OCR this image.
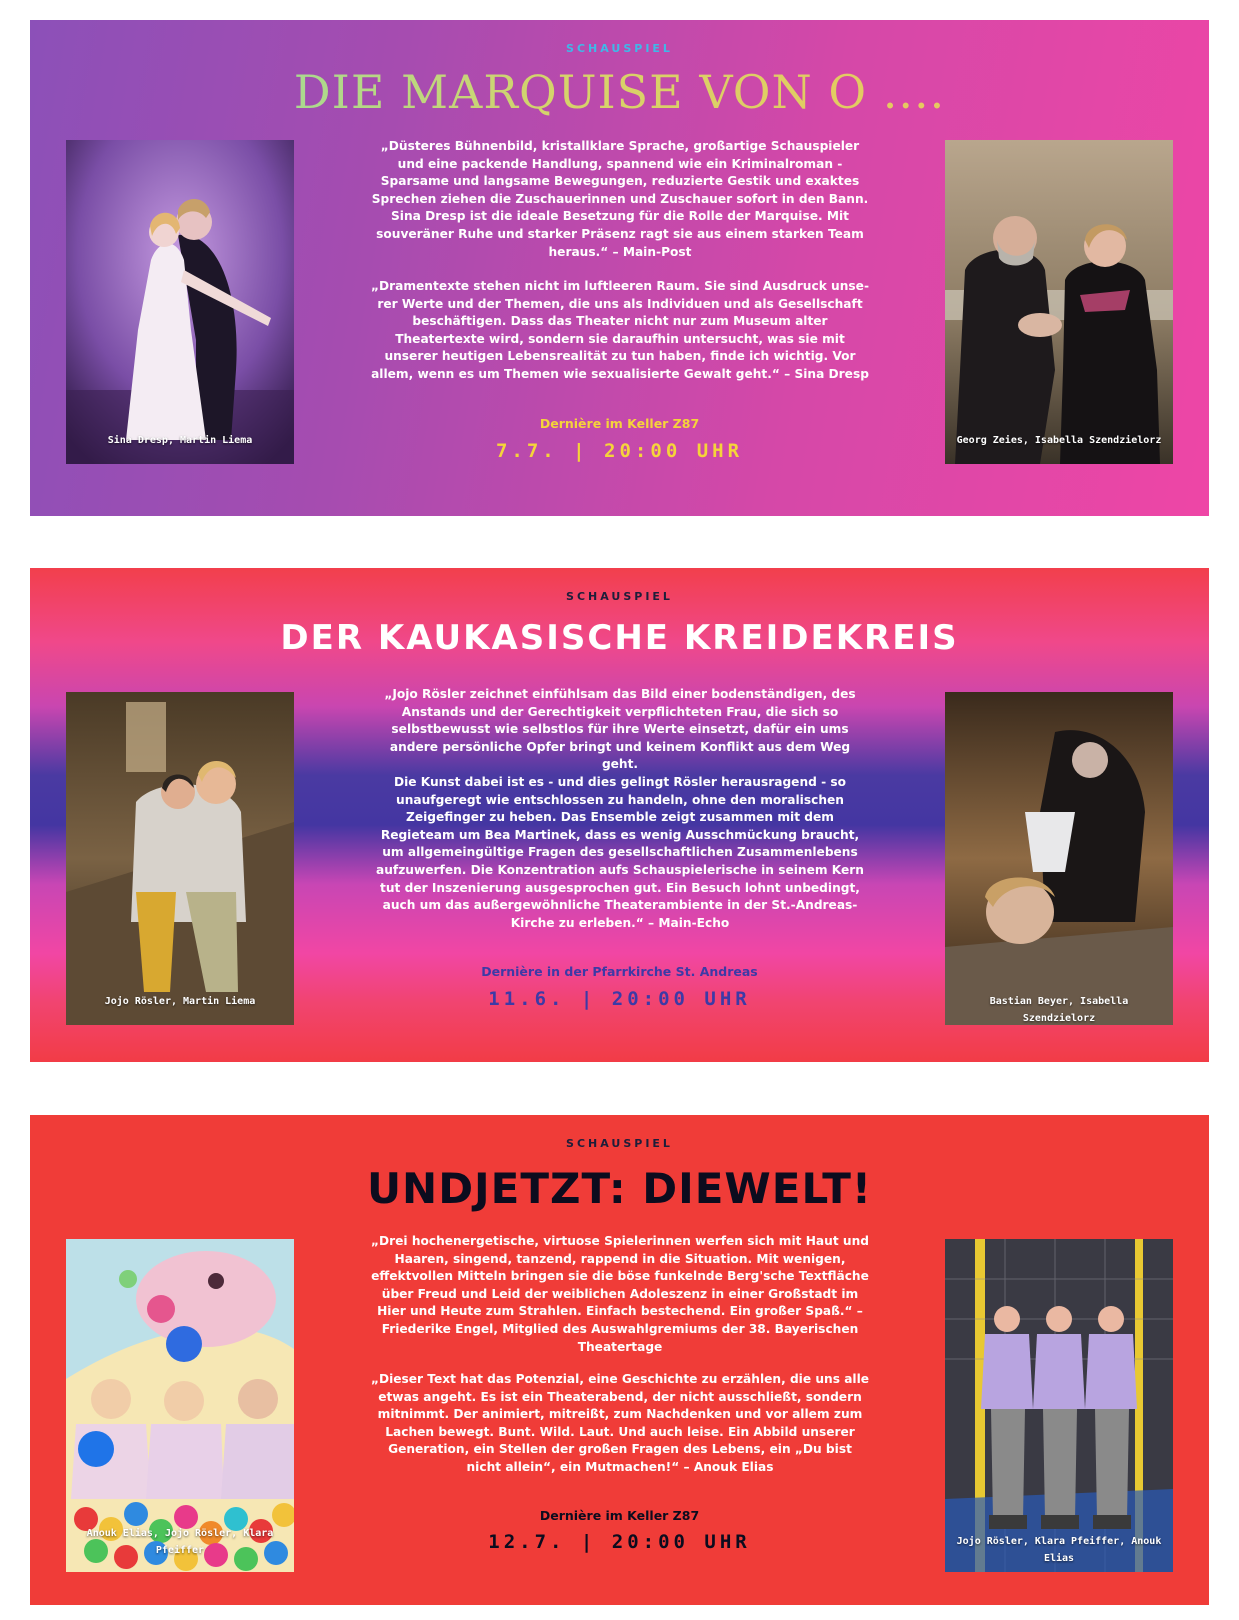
SCHAUSPIEL
DIE MARQUISE VON O ....
Sina Dresp, Martin Liema

„Düsteres Bühnenbild, kristallklare Sprache, großartige Schauspieler und eine packende Handlung, spannend wie ein Kriminalroman - Sparsame und langsame Bewegungen, reduzierte Gestik und exaktes Sprechen ziehen die Zuschauerinnen und Zuschauer sofort in den Bann. Sina Dresp ist die ideale Besetzung für die Rolle der Marquise. Mit souveräner Ruhe und starker Präsenz ragt sie aus einem starken Team heraus.“ – Main-Post

„Dramentexte stehen nicht im luftleeren Raum. Sie sind Ausdruck unserer Werte und der Themen, die uns als Individuen und als Gesellschaft beschäftigen. Dass das Theater nicht nur zum Museum alter Theatertexte wird, sondern sie daraufhin untersucht, was sie mit unserer heutigen Lebensrealität zu tun haben, finde ich wichtig. Vor allem, wenn es um Themen wie sexualisierte Gewalt geht.“ – Sina Dresp

Dernière im Keller Z87
7.7. | 20:00 UHR	Georg Zeies, Isabella Szendzielorz
SCHAUSPIEL
DER KAUKASISCHE KREIDEKREIS
Jojo Rösler, Martin Liema

„Jojo Rösler zeichnet einfühlsam das Bild einer bodenständigen, des Anstands und der Gerechtigkeit verpflichteten Frau, die sich so selbstbewusst wie selbstlos für ihre Werte einsetzt, dafür ein ums andere persönliche Opfer bringt und keinem Konflikt aus dem Weg geht.
Die Kunst dabei ist es - und dies gelingt Rösler herausragend - so unaufgeregt wie entschlossen zu handeln, ohne den moralischen Zeigefinger zu heben. Das Ensemble zeigt zusammen mit dem Regieteam um Bea Martinek, dass es wenig Ausschmückung braucht, um allgemeingültige Fragen des gesellschaftlichen Zusammenlebens aufzuwerfen. Die Konzentration aufs Schauspielerische in seinem Kern tut der Inszenierung ausgesprochen gut. Ein Besuch lohnt unbedingt, auch um das außergewöhnliche Theaterambiente in der St.-Andreas-Kirche zu erleben.“ – Main-Echo

Dernière in der Pfarrkirche St. Andreas
11.6. | 20:00 UHR	Bastian Beyer, Isabella Szendzielorz
SCHAUSPIEL
UNDJETZT: DIEWELT!
Anouk Elias, Jojo Rösler, Klara Pfeiffer

„Drei hochenergetische, virtuose Spielerinnen werfen sich mit Haut und Haaren, singend, tanzend, rappend in die Situation. Mit wenigen, effektvollen Mitteln bringen sie die böse funkelnde Berg'sche Textfläche über Freud und Leid der weiblichen Adoleszenz in einer Großstadt im Hier und Heute zum Strahlen. Einfach bestechend. Ein großer Spaß.“ – Friederike Engel, Mitglied des Auswahlgremiums der 38. Bayerischen Theatertage

„Dieser Text hat das Potenzial, eine Geschichte zu erzählen, die uns alle etwas angeht. Es ist ein Theaterabend, der nicht ausschließt, sondern mitnimmt. Der animiert, mitreißt, zum Nachdenken und vor allem zum Lachen bewegt. Bunt. Wild. Laut. Und auch leise. Ein Abbild unserer Generation, ein Stellen der großen Fragen des Lebens, ein „Du bist nicht allein“, ein Mutmachen!“ – Anouk Elias

Dernière im Keller Z87
12.7. | 20:00 UHR	Jojo Rösler, Klara Pfeiffer, Anouk Elias
